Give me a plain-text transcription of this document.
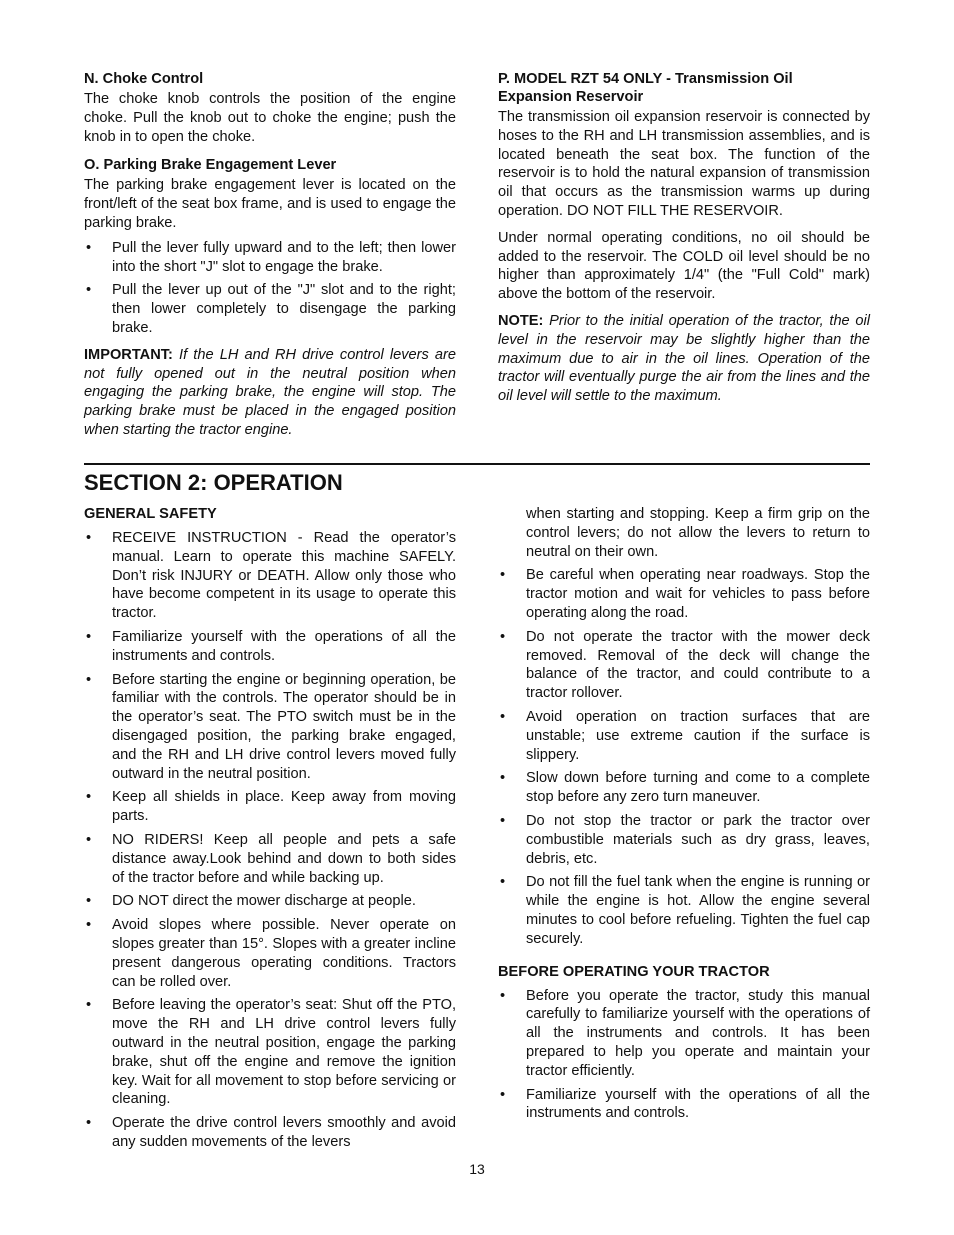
N. Choke Control

The choke knob controls the position of the engine choke. Pull the knob out to choke the engine; push the knob in to open the choke.

O. Parking Brake Engagement Lever

The parking brake engagement lever is located on the front/left of the seat box frame, and is used to engage the parking brake.

• Pull the lever fully upward and to the left; then lower into the short "J" slot to engage the brake.
• Pull the lever up out of the "J" slot and to the right; then lower completely to disengage the parking brake.

IMPORTANT: If the LH and RH drive control levers are not fully opened out in the neutral position when engaging the parking brake, the engine will stop. The parking brake must be placed in the engaged position when starting the tractor engine.

P. MODEL RZT 54 ONLY - Transmission Oil
Expansion Reservoir

The transmission oil expansion reservoir is connected by hoses to the RH and LH transmission assemblies, and is located beneath the seat box. The function of the reservoir is to hold the natural expansion of transmission oil that occurs as the transmission warms up during operation. DO NOT FILL THE RESERVOIR.

Under normal operating conditions, no oil should be added to the reservoir. The COLD oil level should be no higher than approximately 1/4" (the "Full Cold" mark) above the bottom of the reservoir.

NOTE: Prior to the initial operation of the tractor, the oil level in the reservoir may be slightly higher than the maximum due to air in the oil lines. Operation of the tractor will eventually purge the air from the lines and the oil level will settle to the maximum.

SECTION 2: OPERATION
GENERAL SAFETY
• RECEIVE INSTRUCTION - Read the operator’s manual. Learn to operate this machine SAFELY. Don’t risk INJURY or DEATH. Allow only those who have become competent in its usage to operate this tractor.
• Familiarize yourself with the operations of all the instruments and controls.
• Before starting the engine or beginning operation, be familiar with the controls. The operator should be in the operator’s seat. The PTO switch must be in the disengaged position, the parking brake engaged, and the RH and LH drive control levers moved fully outward in the neutral position.
• Keep all shields in place. Keep away from moving parts.
• NO RIDERS! Keep all people and pets a safe distance away.Look behind and down to both sides of the tractor before and while backing up.
• DO NOT direct the mower discharge at people.
• Avoid slopes where possible. Never operate on slopes greater than 15°. Slopes with a greater incline present dangerous operating conditions. Tractors can be rolled over.
• Before leaving the operator’s seat: Shut off the PTO, move the RH and LH drive control levers fully outward in the neutral position, engage the parking brake, shut off the engine and remove the ignition key. Wait for all movement to stop before servicing or cleaning.
• Operate the drive control levers smoothly and avoid any sudden movements of the levers
when starting and stopping. Keep a firm grip on the control levers; do not allow the levers to return to neutral on their own.
• Be careful when operating near roadways. Stop the tractor motion and wait for vehicles to pass before operating along the road.
• Do not operate the tractor with the mower deck removed. Removal of the deck will change the balance of the tractor, and could contribute to a tractor rollover.
• Avoid operation on traction surfaces that are unstable; use extreme caution if the surface is slippery.
• Slow down before turning and come to a complete stop before any zero turn maneuver.
• Do not stop the tractor or park the tractor over combustible materials such as dry grass, leaves, debris, etc.
• Do not fill the fuel tank when the engine is running or while the engine is hot. Allow the engine several minutes to cool before refueling. Tighten the fuel cap securely.
BEFORE OPERATING YOUR TRACTOR
• Before you operate the tractor, study this manual carefully to familiarize yourself with the operations of all the instruments and controls. It has been prepared to help you operate and maintain your tractor efficiently.
• Familiarize yourself with the operations of all the instruments and controls.
13
